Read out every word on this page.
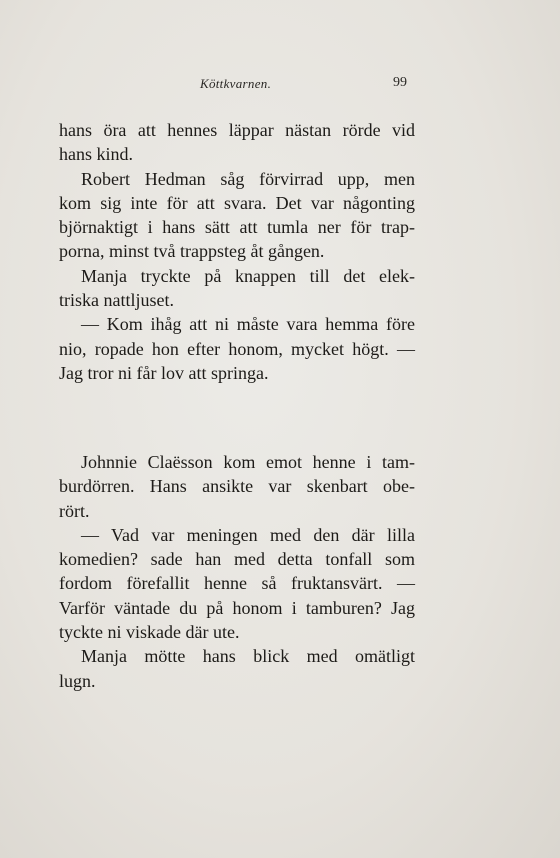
Köttkvarnen.	99
hans öra att hennes läppar nästan rörde vid
hans kind.
Robert Hedman såg förvirrad upp, men
kom sig inte för att svara. Det var någonting
björnaktigt i hans sätt att tumla ner för trap-
porna, minst två trappsteg åt gången.
Manja tryckte på knappen till det elek-
triska nattljuset.
— Kom ihåg att ni måste vara hemma före
nio, ropade hon efter honom, mycket högt. —
Jag tror ni får lov att springa.
Johnnie Claësson kom emot henne i tam-
burdörren. Hans ansikte var skenbart obe-
rört.
— Vad var meningen med den där lilla
komedien? sade han med detta tonfall som
fordom förefallit henne så fruktansvärt. —
Varför väntade du på honom i tamburen? Jag
tyckte ni viskade där ute.
Manja mötte hans blick med omätligt
lugn.
